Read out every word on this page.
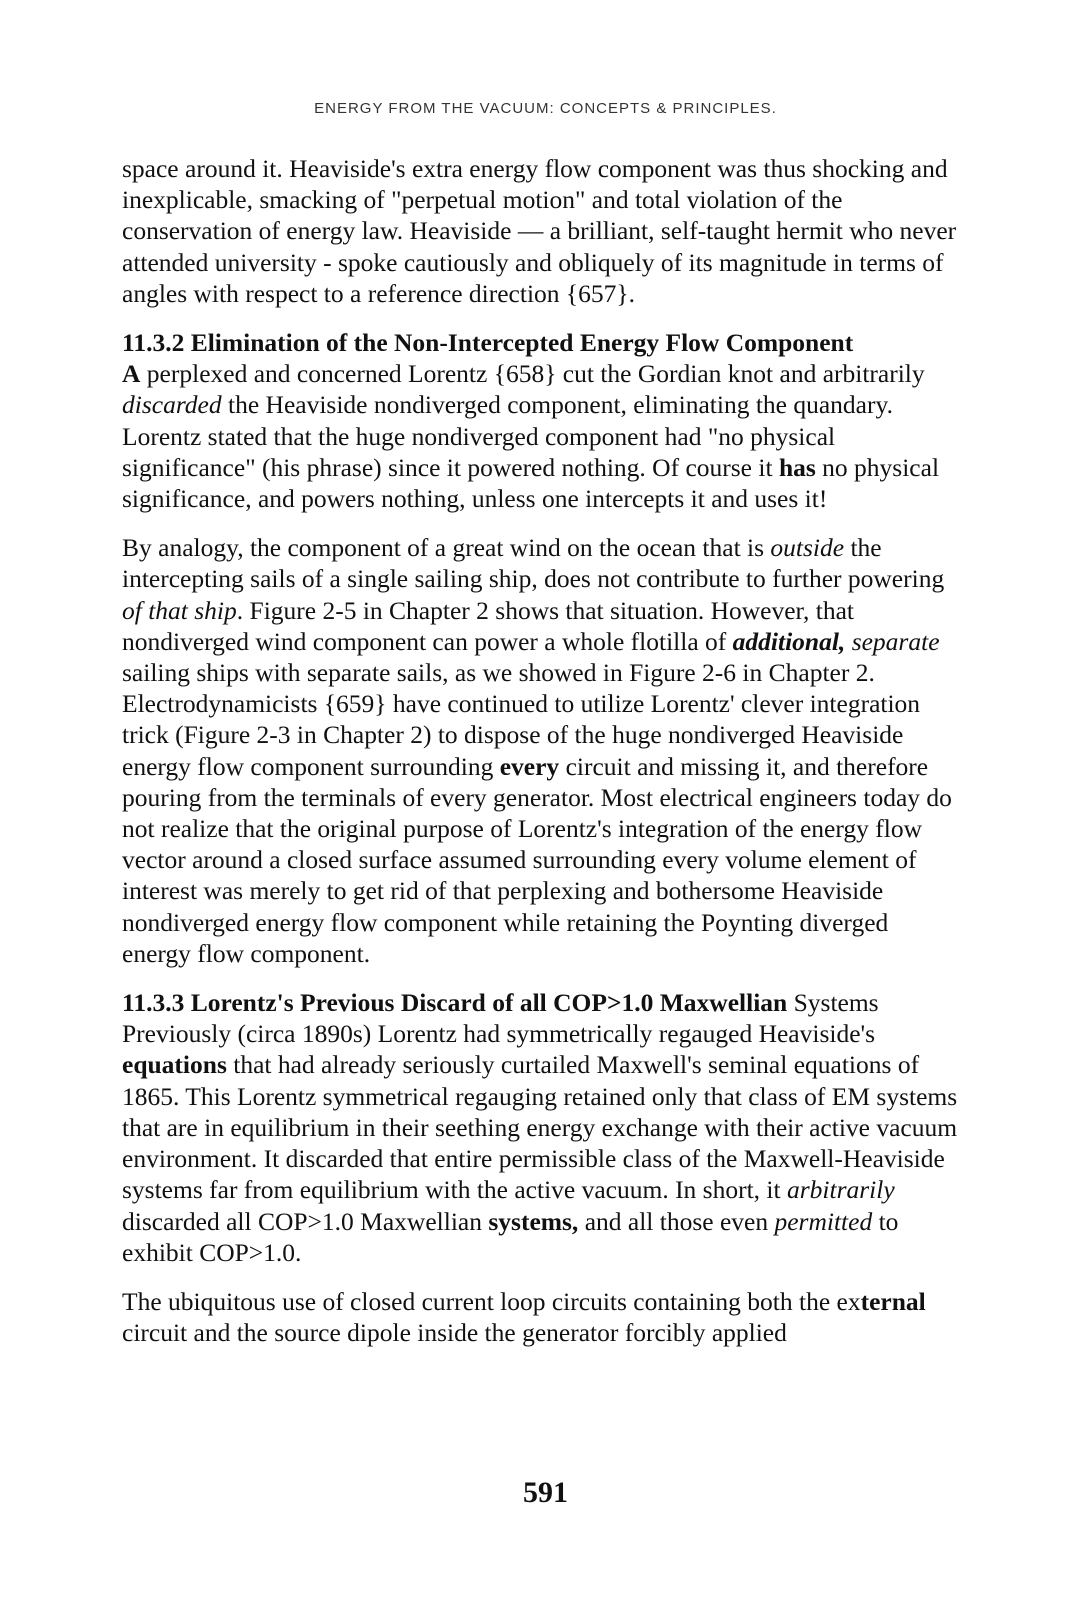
ENERGY FROM THE VACUUM: CONCEPTS & PRINCIPLES.

space around it. Heaviside's extra energy flow component was thus shocking and inexplicable, smacking of "perpetual motion" and total violation of the conservation of energy law. Heaviside — a brilliant, self-taught hermit who never attended university - spoke cautiously and obliquely of its magnitude in terms of angles with respect to a reference direction {657}.

11.3.2 Elimination of the Non-Intercepted Energy Flow Component
A perplexed and concerned Lorentz {658} cut the Gordian knot and arbitrarily discarded the Heaviside nondiverged component, eliminating the quandary. Lorentz stated that the huge nondiverged component had "no physical significance" (his phrase) since it powered nothing. Of course it has no physical significance, and powers nothing, unless one intercepts it and uses it!

By analogy, the component of a great wind on the ocean that is outside the intercepting sails of a single sailing ship, does not contribute to further powering of that ship. Figure 2-5 in Chapter 2 shows that situation. However, that nondiverged wind component can power a whole flotilla of additional, separate sailing ships with separate sails, as we showed in Figure 2-6 in Chapter 2. Electrodynamicists {659} have continued to utilize Lorentz' clever integration trick (Figure 2-3 in Chapter 2) to dispose of the huge nondiverged Heaviside energy flow component surrounding every circuit and missing it, and therefore pouring from the terminals of every generator. Most electrical engineers today do not realize that the original purpose of Lorentz's integration of the energy flow vector around a closed surface assumed surrounding every volume element of interest was merely to get rid of that perplexing and bothersome Heaviside nondiverged energy flow component while retaining the Poynting diverged energy flow component.

11.3.3 Lorentz's Previous Discard of all COP>1.0 Maxwellian Systems Previously (circa 1890s) Lorentz had symmetrically regauged Heaviside's equations that had already seriously curtailed Maxwell's seminal equations of 1865. This Lorentz symmetrical regauging retained only that class of EM systems that are in equilibrium in their seething energy exchange with their active vacuum environment. It discarded that entire permissible class of the Maxwell-Heaviside systems far from equilibrium with the active vacuum. In short, it arbitrarily discarded all COP>1.0 Maxwellian systems, and all those even permitted to exhibit COP>1.0.

The ubiquitous use of closed current loop circuits containing both the external circuit and the source dipole inside the generator forcibly applied

591
